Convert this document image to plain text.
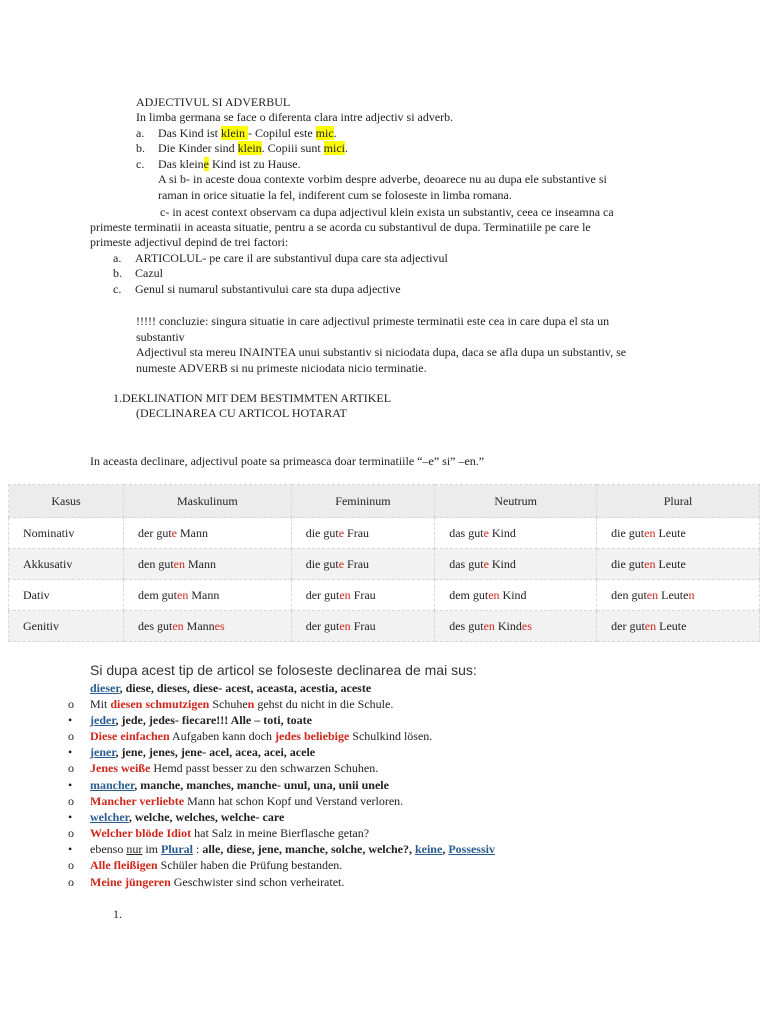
ADJECTIVUL SI ADVERBUL
In limba germana se face o diferenta clara intre adjectiv si adverb.
a. Das Kind ist klein - Copilul este mic.
b. Die Kinder sind klein. Copiii sunt mici.
c. Das kleine Kind ist zu Hause.
A si b- in aceste doua contexte vorbim despre adverbe, deoarece nu au dupa ele substantive si
raman in orice situatie la fel, indiferent cum se foloseste in limba romana.
c- in acest context observam ca dupa adjectivul klein exista un substantiv, ceea ce inseamna ca
primeste terminatii in aceasta situatie, pentru a se acorda cu substantivul de dupa. Terminatiile pe care le
primeste adjectivul depind de trei factori:
a. ARTICOLUL- pe care il are substantivul dupa care sta adjectivul
b. Cazul
c. Genul si numarul substantivului care sta dupa adjective
!!!!! concluzie: singura situatie in care adjectivul primeste terminatii este cea in care dupa el sta un
substantiv
Adjectivul sta mereu INAINTEA unui substantiv si niciodata dupa, daca se afla dupa un substantiv, se
numeste ADVERB si nu primeste niciodata nicio terminatie.
1.DEKLINATION MIT DEM BESTIMMTEN ARTIKEL
(DECLINAREA CU ARTICOL HOTARAT
In aceasta declinare, adjectivul poate sa primeasca doar terminatiile “–e” si” –en.”
Kasus	Maskulinum	Femininum	Neutrum	Plural
Nominativ	der gute Mann	die gute Frau	das gute Kind	die guten Leute
Akkusativ	den guten Mann	die gute Frau	das gute Kind	die guten Leute
Dativ	dem guten Mann	der guten Frau	dem guten Kind	den guten Leuten
Genitiv	des guten Mannes	der guten Frau	des guten Kindes	der guten Leute
Si dupa acest tip de articol se foloseste declinarea de mai sus:
dieser, diese, dieses, diese- acest, aceasta, acestia, aceste
o Mit diesen schmutzigen Schuhen gehst du nicht in die Schule.
• jeder, jede, jedes- fiecare!!! Alle – toti, toate
o Diese einfachen Aufgaben kann doch jedes beliebige Schulkind lösen.
• jener, jene, jenes, jene- acel, acea, acei, acele
o Jenes weiße Hemd passt besser zu den schwarzen Schuhen.
• mancher, manche, manches, manche- unul, una, unii unele
o Mancher verliebte Mann hat schon Kopf und Verstand verloren.
• welcher, welche, welches, welche- care
o Welcher blöde Idiot hat Salz in meine Bierflasche getan?
• ebenso nur im Plural : alle, diese, jene, manche, solche, welche?, keine, Possessiv
o Alle fleißigen Schüler haben die Prüfung bestanden.
o Meine jüngeren Geschwister sind schon verheiratet.
1.
